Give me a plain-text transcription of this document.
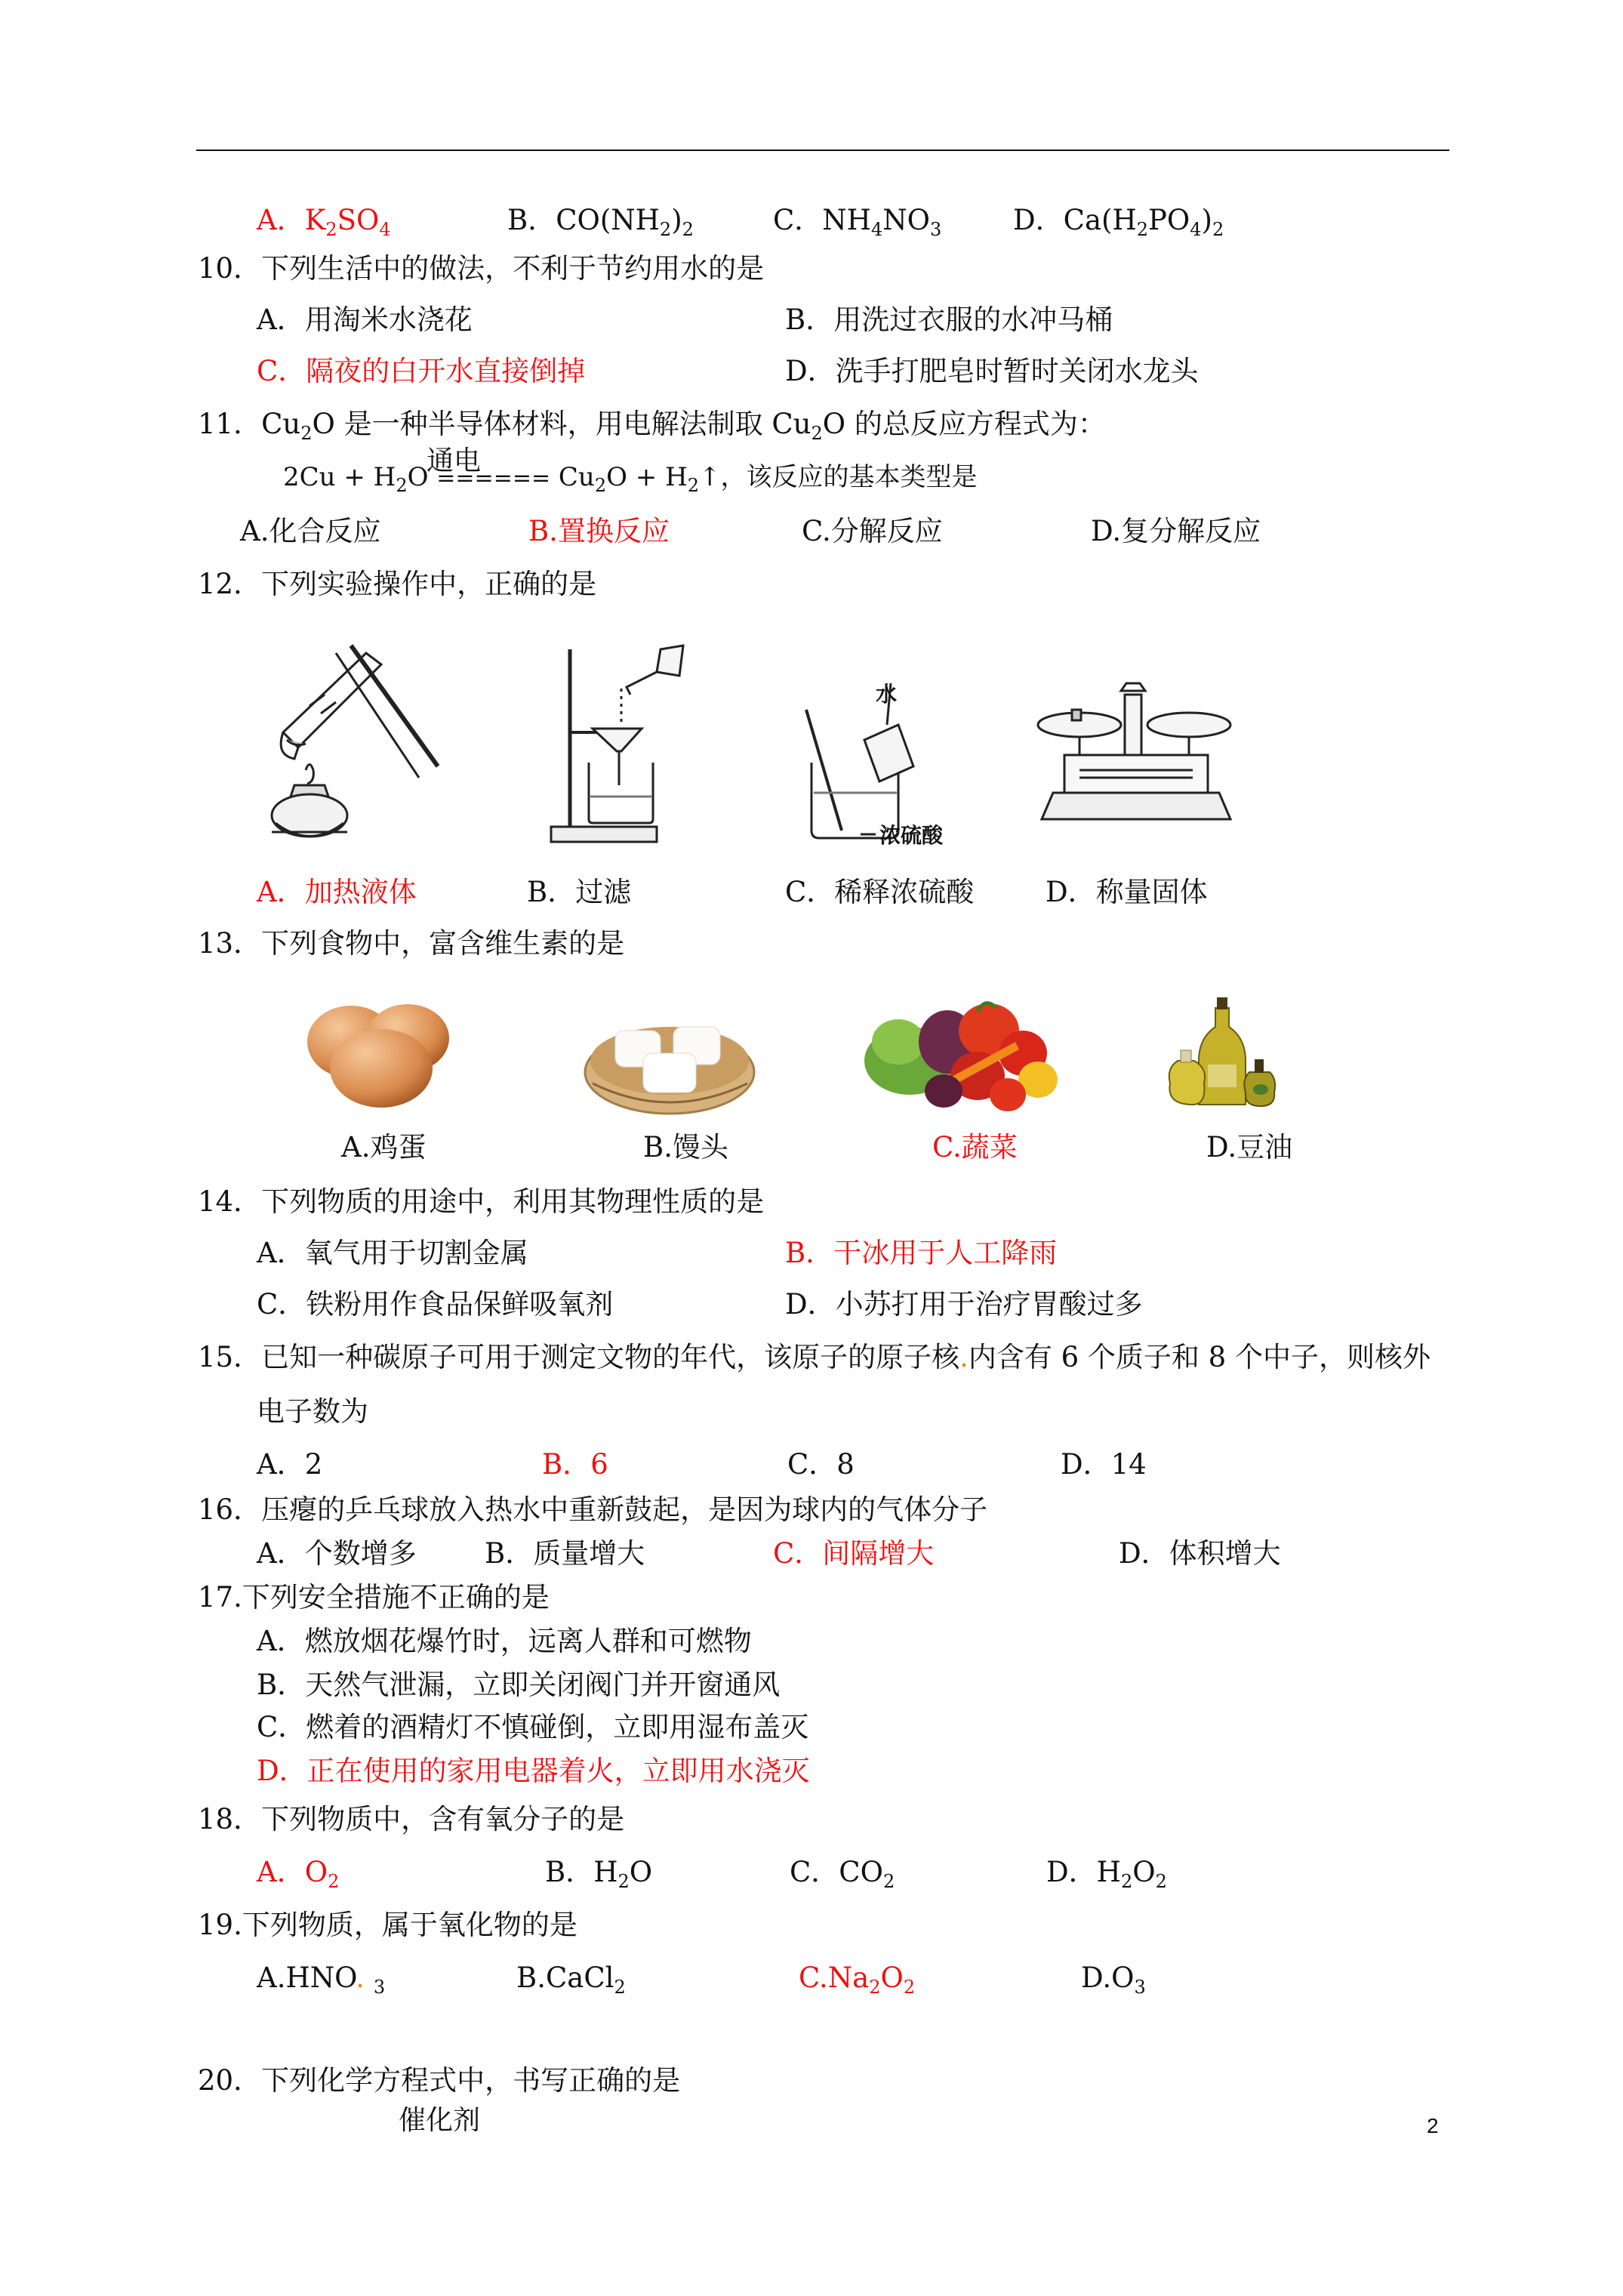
A．$K_2SO_4$	B．$CO(NH_2)_2$	C．$NH_4NO_3$	D．$Ca(H_2PO_4)_2$
10．下列生活中的做法，不利于节约用水的是
A．用淘米水浇花	B．用洗过衣服的水冲马桶
C．隔夜的白开水直接倒掉	D．洗手打肥皂时暂时关闭水龙头
11．$Cu_2O$ 是一种半导体材料，用电解法制取 $Cu_2O$ 的总反应方程式为：
通电
$2Cu + H_2O$ ====== $Cu_2O$ + $H_2↑$，该反应的基本类型是
A.化合反应	B.置换反应	C.分解反应	D.复分解反应
12．下列实验操作中，正确的是
水
浓硫酸
A．加热液体	B．过滤	C．稀释浓硫酸	D．称量固体
13．下列食物中，富含维生素的是
A.鸡蛋	B.馒头	C.蔬菜	D.豆油
14．下列物质的用途中，利用其物理性质的是
A．氧气用于切割金属	B．干冰用于人工降雨
C．铁粉用作食品保鲜吸氧剂	D．小苏打用于治疗胃酸过多
15．已知一种碳原子可用于测定文物的年代，该原子的原子核.内含有 6 个质子和 8 个中子，则核外
电子数为
A．2	B．6	C．8	D．14
16．压瘪的乒乓球放入热水中重新鼓起，是因为球内的气体分子
A．个数增多 B．质量增大	C．间隔增大	D．体积增大
17.下列安全措施不正确的是
A．燃放烟花爆竹时，远离人群和可燃物
B．天然气泄漏，立即关闭阀门并开窗通风
C．燃着的酒精灯不慎碰倒，立即用湿布盖灭
D．正在使用的家用电器着火，立即用水浇灭
18．下列物质中，含有氧分子的是
A．$O_2$	B．$H_2O$	C．$CO_2$	D．$H_2O_2$
19.下列物质，属于氧化物的是
A.HNO. $_3$	B.CaCl$_2$	$C.Na_2O_2$	$D.O_3$
20．下列化学方程式中，书写正确的是
催化剂	2
